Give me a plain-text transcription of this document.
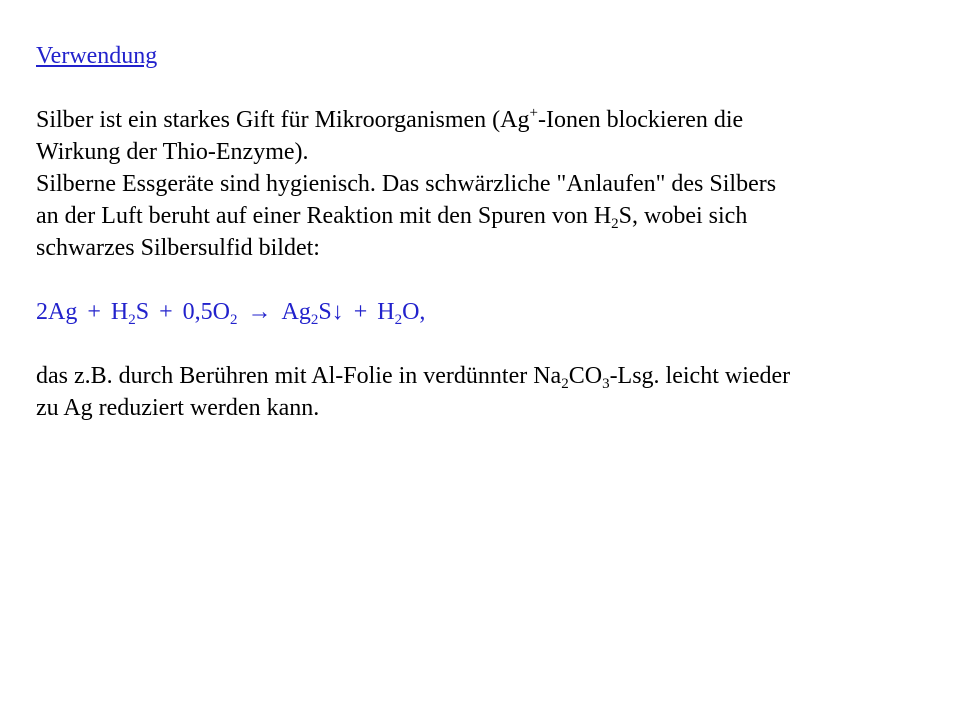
Verwendung
Silber ist ein starkes Gift für Mikroorganismen (Ag+-Ionen blockieren die
Wirkung der Thio-Enzyme).
Silberne Essgeräte sind hygienisch. Das schwärzliche "Anlaufen" des Silbers
an der Luft beruht auf einer Reaktion mit den Spuren von $H_2S$, wobei sich
schwarzes Silbersulfid bildet:
$2Ag + H_2S + 0,5O_2$ → $Ag_2S↓ + H_2O$,
das z.B. durch Berühren mit Al-Folie in verdünnter $Na_2CO_3$-Lsg. leicht wieder
zu Ag reduziert werden kann.
